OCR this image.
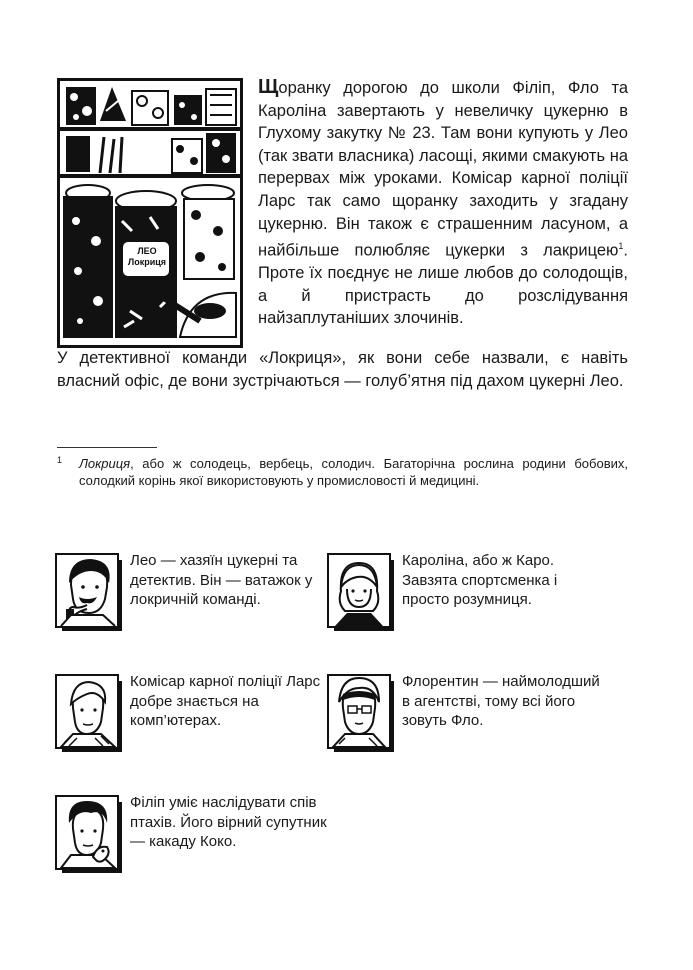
ЛЕО
Локриця
Щоранку дорогою до школи Філіп, Фло та Кароліна завертають у невеличку цукерню в Глухому закутку № 23. Там вони купують у Лео (так звати власника) ласощі, якими смакують на перервах між уроками. Комісар карної поліції Ларс так само щоранку заходить у згадану цукерню. Він також є страшенним ласуном, а найбільше полюбляє цукерки з лакрицею$^1$. Проте їх поєднує не лише любов до солодощів, а й пристрасть до розслідування найзаплутаніших злочинів.
У детективної команди «Локриця», як вони себе назвали, є навіть власний офіс, де вони зустрічаються — голуб’ятня під дахом цукерні Лео.
1	Локриця, або ж солодець, вербець, солодич. Багаторічна рослина родини бобових, солодкий корінь якої використовують у промисловості й медицині.
Лео — хазяїн цукерні та детектив. Він — ватажок у локричній команді.
Кароліна, або ж Каро. Завзята спортсменка і просто розумниця.
Комісар карної поліції Ларс добре знається на комп’ютерах.
Флорентин — наймолодший в агентстві, тому всі його зовуть Фло.
Філіп уміє наслідувати спів птахів. Його вірний супутник — какаду Коко.
